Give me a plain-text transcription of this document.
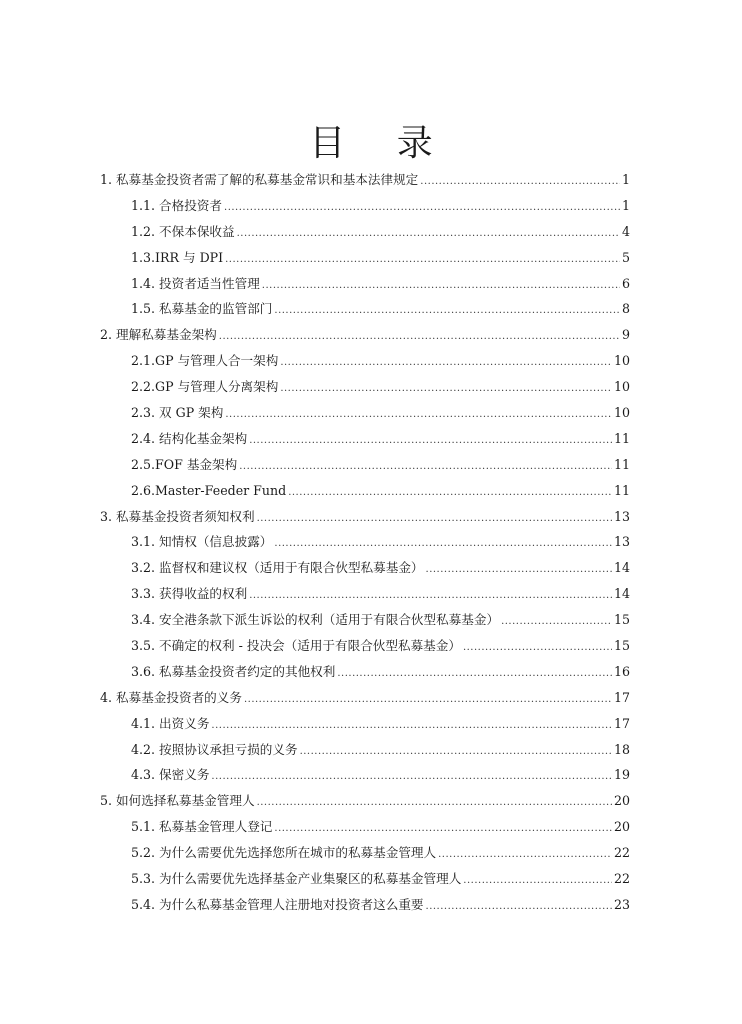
目 录
1. 私募基金投资者需了解的私募基金常识和基本法律规定 .....	1
1.1. 合格投资者 .....	1
1.2. 不保本保收益 .....	4
1.3.IRR 与 DPI .....	5
1.4. 投资者适当性管理 .....	6
1.5. 私募基金的监管部门 .....	8
2. 理解私募基金架构 .....	9
2.1.GP 与管理人合一架构 .....	10
2.2.GP 与管理人分离架构 .....	10
2.3. 双 GP 架构 .....	10
2.4. 结构化基金架构 .....	11
2.5.FOF 基金架构 .....	11
2.6.Master-Feeder Fund .....	11
3. 私募基金投资者须知权利 .....	13
3.1. 知情权（信息披露） .....	13
3.2. 监督权和建议权（适用于有限合伙型私募基金） .....	14
3.3. 获得收益的权利 .....	14
3.4. 安全港条款下派生诉讼的权利（适用于有限合伙型私募基金） .....	15
3.5. 不确定的权利 - 投决会（适用于有限合伙型私募基金） .....	15
3.6. 私募基金投资者约定的其他权利 .....	16
4. 私募基金投资者的义务 .....	17
4.1. 出资义务 .....	17
4.2. 按照协议承担亏损的义务 .....	18
4.3. 保密义务 .....	19
5. 如何选择私募基金管理人 .....	20
5.1. 私募基金管理人登记 .....	20
5.2. 为什么需要优先选择您所在城市的私募基金管理人 .....	22
5.3. 为什么需要优先选择基金产业集聚区的私募基金管理人 .....	22
5.4. 为什么私募基金管理人注册地对投资者这么重要 .....	23
